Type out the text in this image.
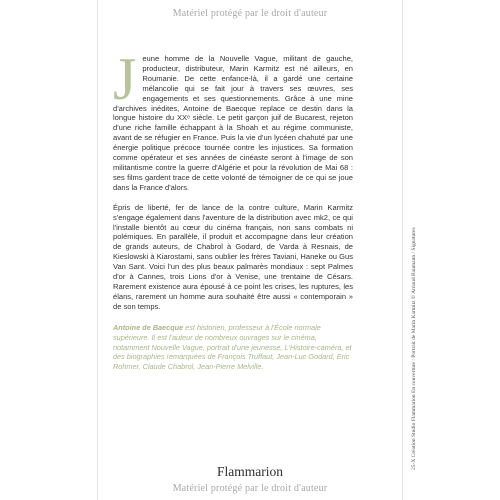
Matériel protégé par le droit d'auteur

Jeune homme de la Nouvelle Vague, militant de gauche, producteur, distributeur, Marin Karmitz est né ailleurs, en Roumanie. De cette enfance-là, il a gardé une certaine mélancolie qui se fait jour à travers ses œuvres, ses engagements et ses questionnements. Grâce à une mine d'archives inédites, Antoine de Baecque replace ce destin dans la longue histoire du XXᵉ siècle. Le petit garçon juif de Bucarest, rejeton d'une riche famille échappant à la Shoah et au régime communiste, avant de se réfugier en France. Puis la vie d'un lycéen chahuté par une énergie politique précoce tournée contre les injustices. Sa formation comme opérateur et ses années de cinéaste seront à l'image de son militantisme contre la guerre d'Algérie et pour la révolution de Mai 68 : ses films gardent trace de cette volonté de témoigner de ce qui se joue dans la France d'alors.

Épris de liberté, fer de lance de la contre culture, Marin Karmitz s'engage également dans l'aventure de la distribution avec mk2, ce qui l'installe bientôt au cœur du cinéma français, non sans combats ni polémiques. En parallèle, il produit et accompagne dans leur création de grands auteurs, de Chabrol à Godard, de Varda à Resnais, de Kieslowski à Kiarostami, sans oublier les frères Taviani, Haneke ou Gus Van Sant. Voici l'un des plus beaux palmarès mondiaux : sept Palmes d'or à Cannes, trois Lions d'or à Venise, une trentaine de Césars. Rarement existence aura épousé à ce point les crises, les ruptures, les élans, rarement un homme aura souhaité être aussi « contemporain » de son temps.

Antoine de Baecque est historien, professeur à l'École normale supérieure. Il est l'auteur de nombreux ouvrages sur le cinéma, notamment Nouvelle Vague, portrait d'une jeunesse, L'Histoire-caméra, et des biographies remarquées de François Truffaut, Jean-Luc Godard, Eric Rohmer, Claude Chabrol, Jean-Pierre Melville.
Flammarion
25-X Création Studio Flammarion En couverture : Portrait de Marin Karmitz © Arnaud Baumann / Signatures
Matériel protégé par le droit d'auteur
